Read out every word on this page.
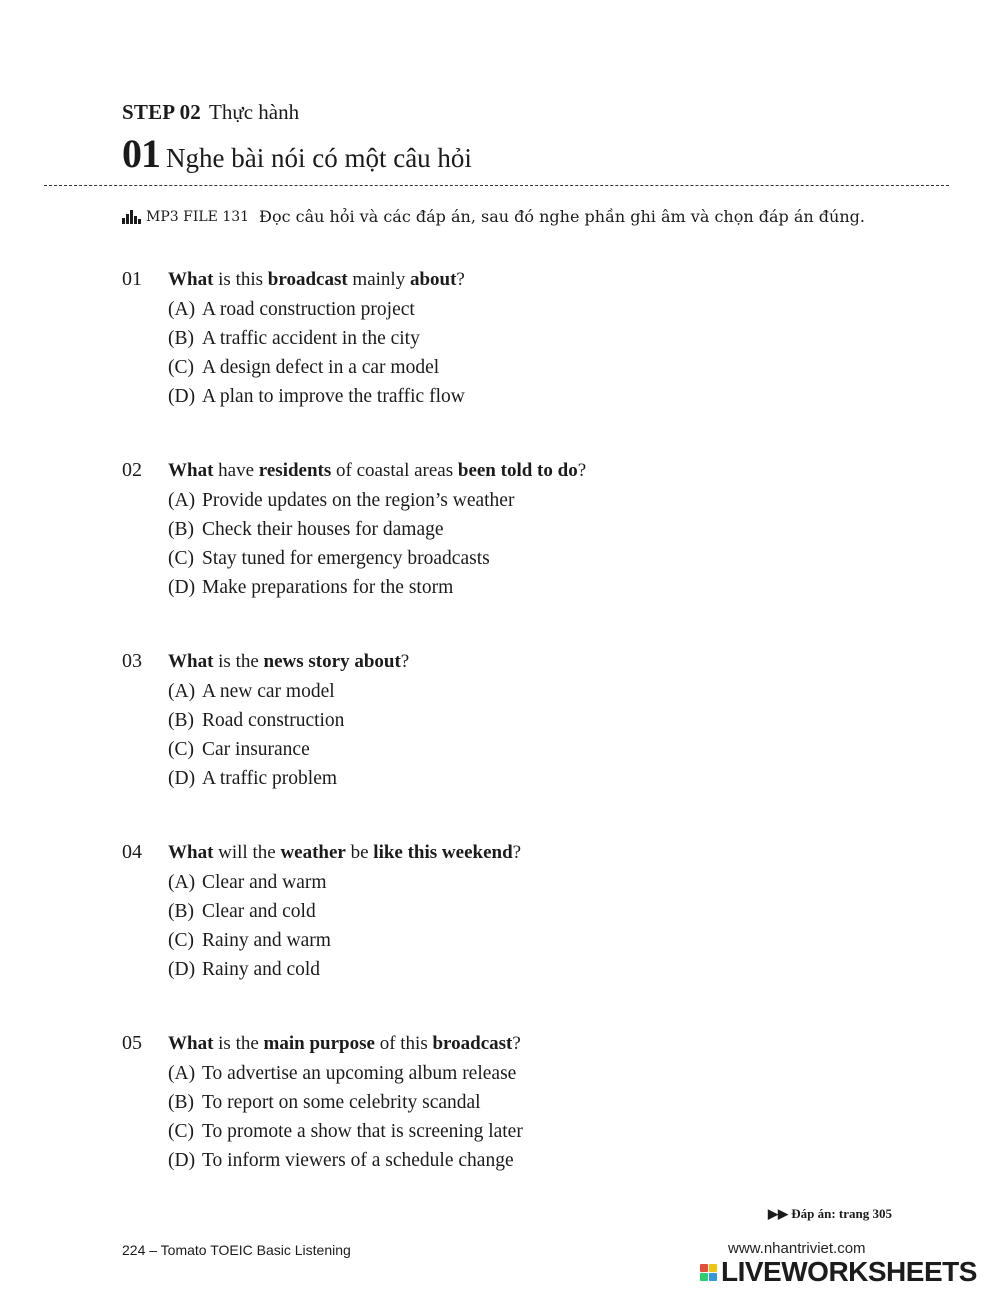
STEP 02 Thực hành
01 Nghe bài nói có một câu hỏi
MP3 FILE 131 Đọc câu hỏi và các đáp án, sau đó nghe phần ghi âm và chọn đáp án đúng.
01	What is this broadcast mainly about?
(A) A road construction project
(B) A traffic accident in the city
(C) A design defect in a car model
(D) A plan to improve the traffic flow
02	What have residents of coastal areas been told to do?
(A) Provide updates on the region’s weather
(B) Check their houses for damage
(C) Stay tuned for emergency broadcasts
(D) Make preparations for the storm
03	What is the news story about?
(A) A new car model
(B) Road construction
(C) Car insurance
(D) A traffic problem
04	What will the weather be like this weekend?
(A) Clear and warm
(B) Clear and cold
(C) Rainy and warm
(D) Rainy and cold
05	What is the main purpose of this broadcast?
(A) To advertise an upcoming album release
(B) To report on some celebrity scandal
(C) To promote a show that is screening later
(D) To inform viewers of a schedule change
▶▶ Đáp án: trang 305
224 – Tomato TOEIC Basic Listening	www.nhantriviet.com
LIVEWORKSHEETS
